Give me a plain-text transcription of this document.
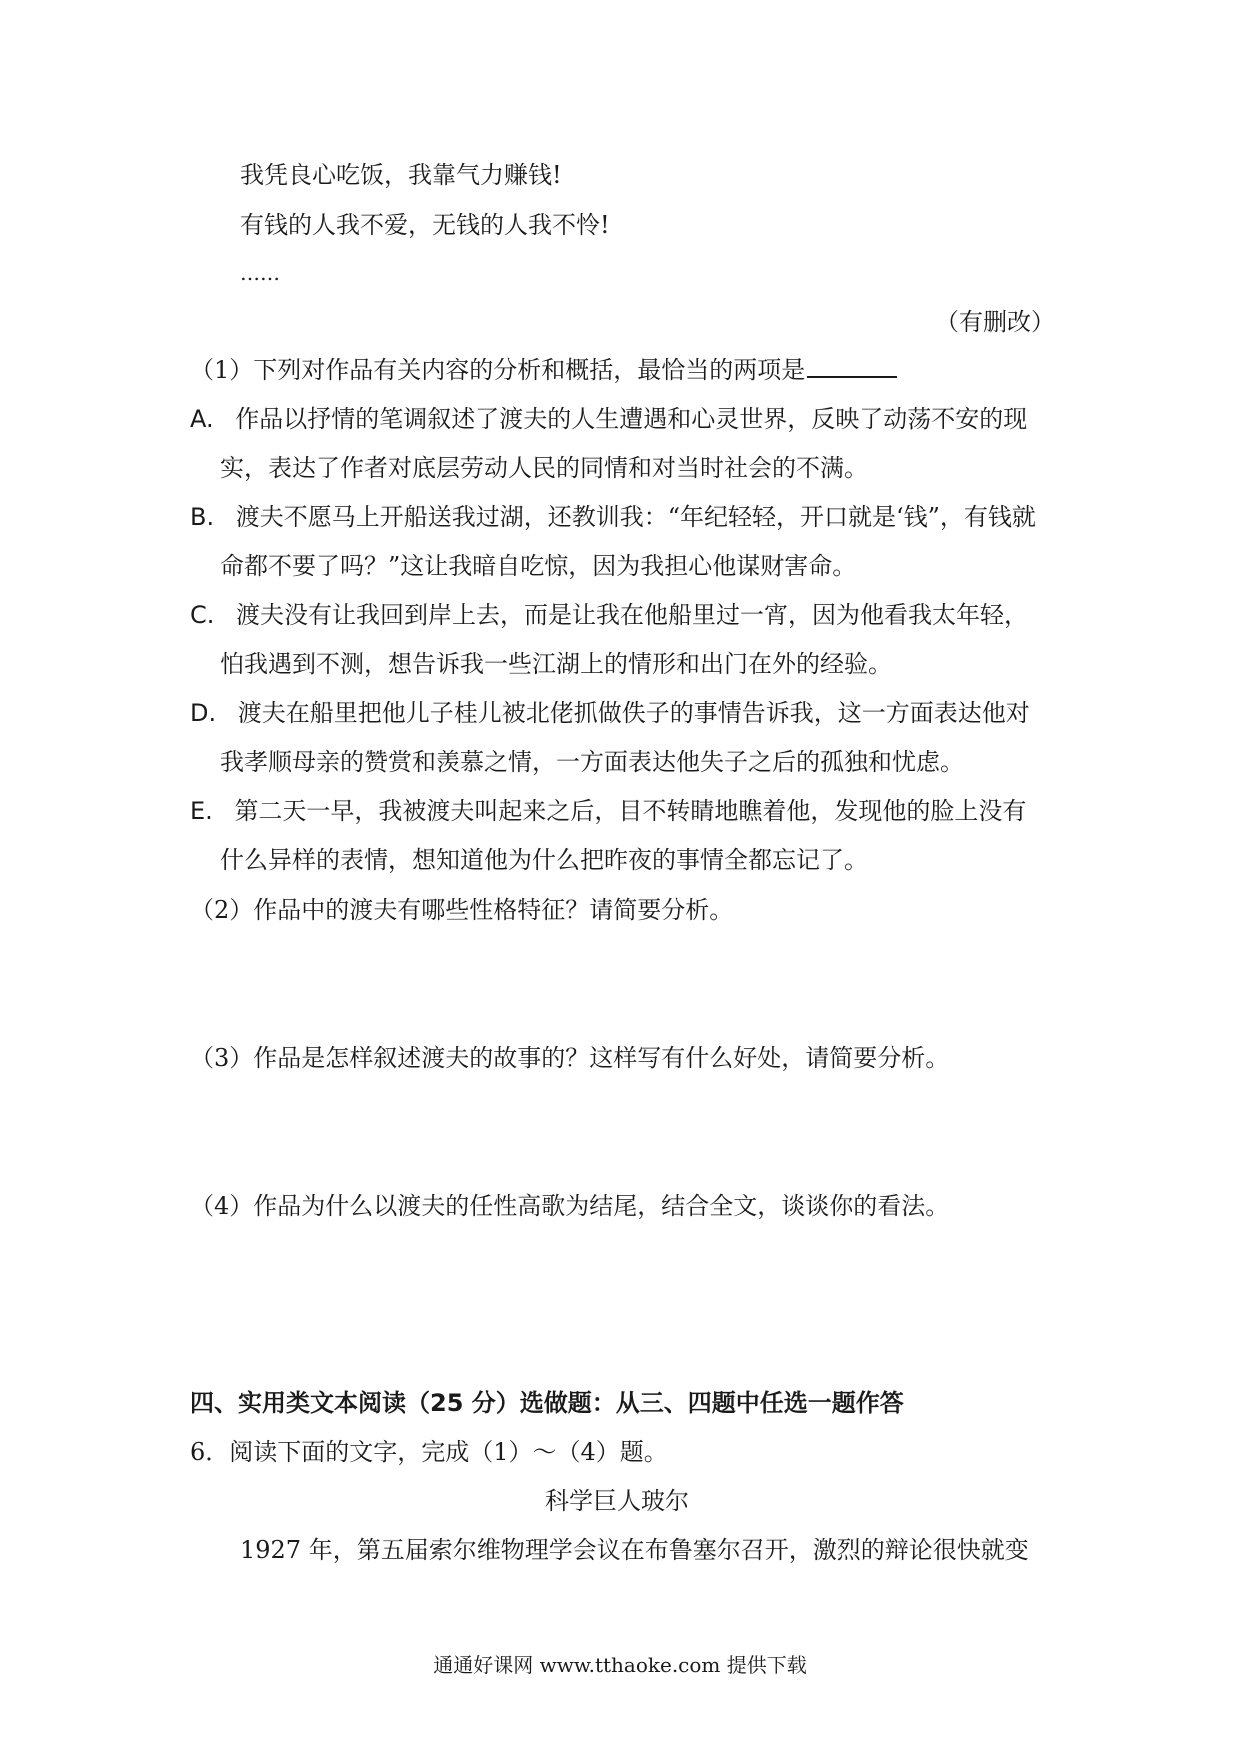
我凭良心吃饭，我靠气力赚钱!
有钱的人我不爱，无钱的人我不怜!
……
（有删改）
（1）下列对作品有关内容的分析和概括，最恰当的两项是
A. 作品以抒情的笔调叙述了渡夫的人生遭遇和心灵世界，反映了动荡不安的现
实，表达了作者对底层劳动人民的同情和对当时社会的不满。
B. 渡夫不愿马上开船送我过湖，还教训我：“年纪轻轻，开口就是‘钱”，有钱就
命都不要了吗？”这让我暗自吃惊，因为我担心他谋财害命。
C. 渡夫没有让我回到岸上去，而是让我在他船里过一宵，因为他看我太年轻，
怕我遇到不测，想告诉我一些江湖上的情形和出门在外的经验。
D. 渡夫在船里把他儿子桂儿被北佬抓做佚子的事情告诉我，这一方面表达他对
我孝顺母亲的赞赏和羡慕之情，一方面表达他失子之后的孤独和忧虑。
E. 第二天一早，我被渡夫叫起来之后，目不转睛地瞧着他，发现他的脸上没有
什么异样的表情，想知道他为什么把昨夜的事情全都忘记了。
（2）作品中的渡夫有哪些性格特征？请简要分析。
（3）作品是怎样叙述渡夫的故事的？这样写有什么好处，请简要分析。
（4）作品为什么以渡夫的任性高歌为结尾，结合全文，谈谈你的看法。
四、实用类文本阅读（25 分）选做题：从三、四题中任选一题作答
6．阅读下面的文字，完成（1）～（4）题。
科学巨人玻尔
1927 年，第五届索尔维物理学会议在布鲁塞尔召开，激烈的辩论很快就变
通通好课网 www.tthaoke.com 提供下载
